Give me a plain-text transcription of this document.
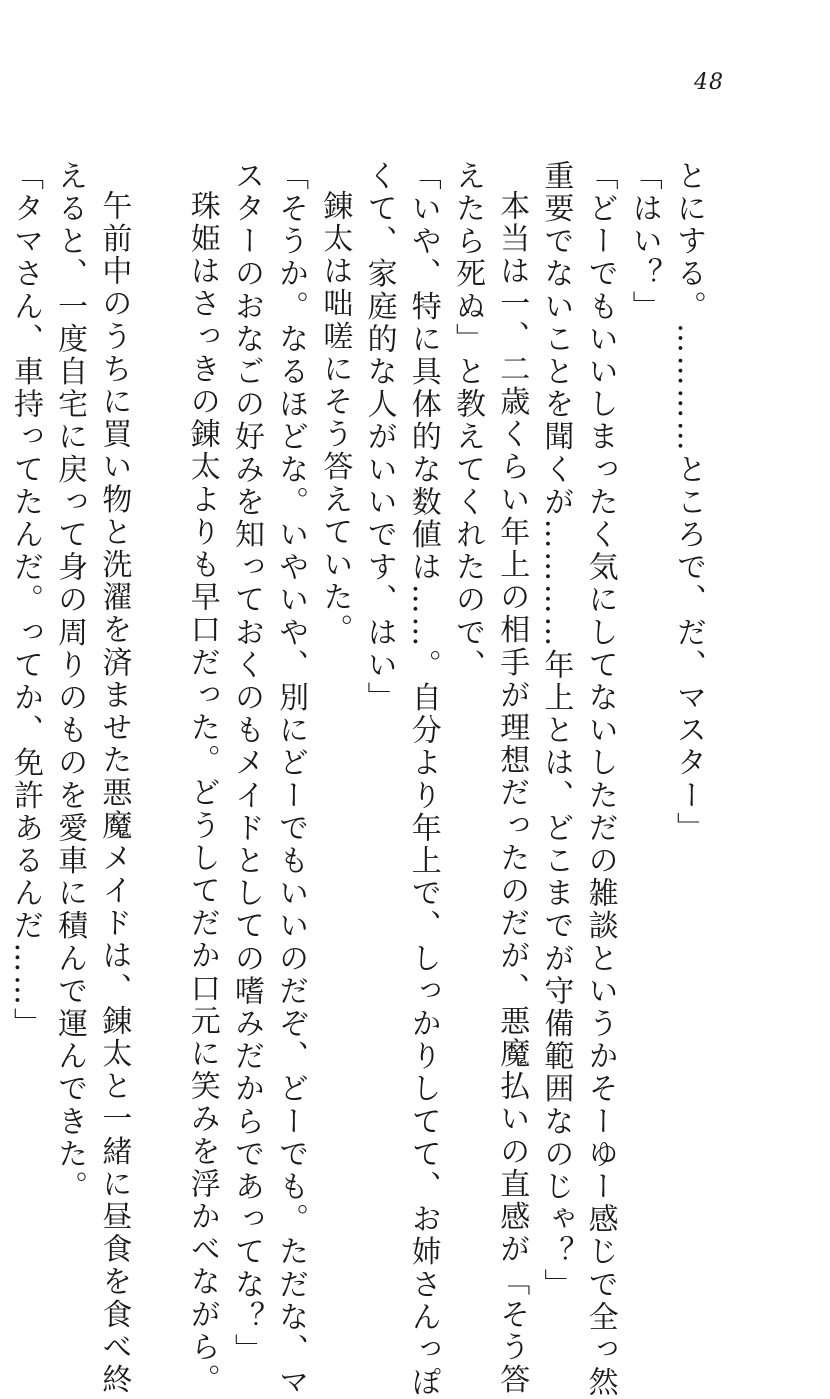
48
とにする。…………ところで、だ、マスター」
「はい？」
「どーでもいいしまったく気にしてないしただの雑談というかそーゆー感じで全っ然
重要でないことを聞くが…………年上とは、どこまでが守備範囲なのじゃ？」
本当は一、二歳くらい年上の相手が理想だったのだが、悪魔払いの直感が「そう答
えたら死ぬ」と教えてくれたので、
「いや、特に具体的な数値は……。自分より年上で、しっかりしてて、お姉さんっぽ
くて、家庭的な人がいいです、はい」
錬太は咄嗟にそう答えていた。
「そうか。なるほどな。いやいや、別にどーでもいいのだぞ、どーでも。ただな、マ
スターのおなごの好みを知っておくのもメイドとしての嗜みだからであってな？」
珠姫はさっきの錬太よりも早口だった。どうしてだか口元に笑みを浮かべながら。
午前中のうちに買い物と洗濯を済ませた悪魔メイドは、錬太と一緒に昼食を食べ終
えると、一度自宅に戻って身の周りのものを愛車に積んで運んできた。
「タマさん、車持ってたんだ。ってか、免許あるんだ……」
